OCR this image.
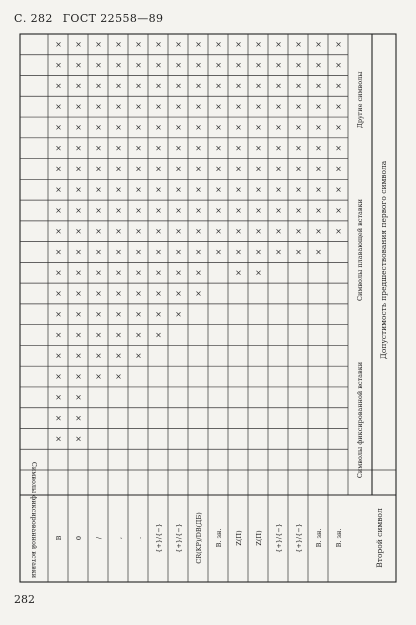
С. 282 ГОСТ 22558—89
Допустимость предшествования первого символа
Символы фиксированной вставки
Символы плавающей вставки
Другие символы
Второй символ
Символы фиксированной вставки	В 0 / , . {+}/{−} {+}/{−} CR(KP)/DB(ДБ) В. зн. Z(П) Z(П) {+}/{−} {+}/{−} В. зн. В. зн.
×
×
×
×
×
×
×
×
×
×
×
×
×
×
×
×
×
×
×
×
×
×
×
×
×
×
×
×
×
×
×
×
×
×
×
×
×
×
×
×
×
×
×
×
×
×
×
×
×
×
×
×
×
×
×
×
×
×
×
×
×
×
×
×
×
×
×
×
×
×
×
×
×
×
×
×
×
×
×
×
×
×
×
×
×
×
×
×
×
×
×
×
×
×
×
×
×
×
×
×
×
×
×
×
×
×
×
×
×
×
×
×
×
×
×
×
×
×
×
×
×
×
×
×
×
×
×
×
×
×
×
×
×
×
×
×
×
×
×
×
×
×
×
×
×
×
×
×
×
×
×
×
×
×
×
×
×
×
×
×
×
×
×
×
×
×
×
×
×
×
×
×
×
×
×
×
×
×
×
×
×
×
×
×
×
×
×
×
×
×
×
×
×
×
×
×
×
×
×
×
×
×
×
×
×
×
×
×
×
×
282
